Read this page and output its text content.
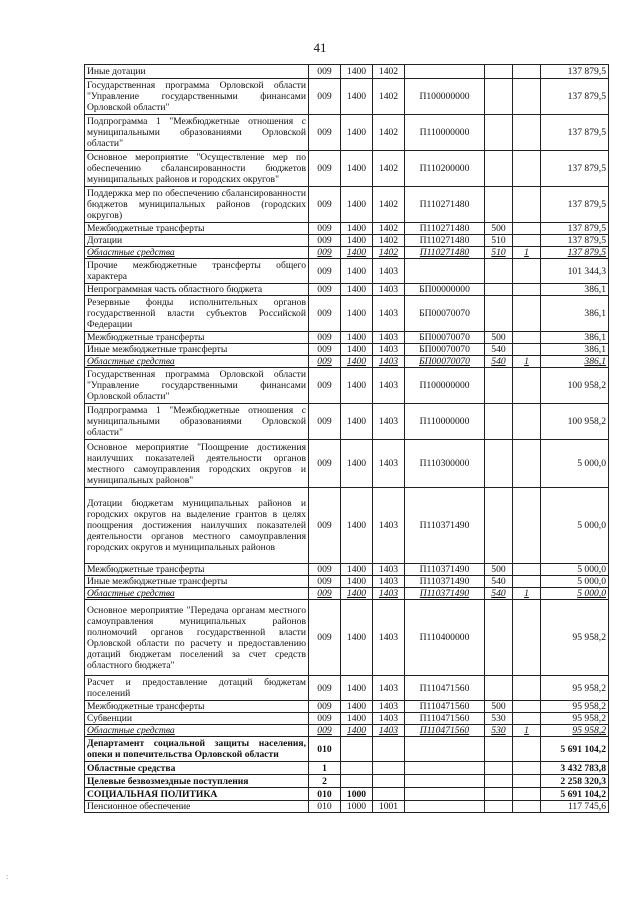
41
Иные дотации	009	1400	1402				137 879,5
Государственная программа Орловской области "Управление государственными финансами Орловской области"	009	1400	1402	П100000000			137 879,5
Подпрограмма 1 "Межбюджетные отношения с муниципальными образованиями Орловской области"	009	1400	1402	П110000000			137 879,5
Основное мероприятие "Осуществление мер по обеспечению сбалансированности бюджетов муниципальных районов и городских округов"	009	1400	1402	П110200000			137 879,5
Поддержка мер по обеспечению сбалансированности бюджетов муниципальных районов (городских округов)	009	1400	1402	П110271480			137 879,5
Межбюджетные трансферты	009	1400	1402	П110271480	500		137 879,5
Дотации	009	1400	1402	П110271480	510		137 879,5
Областные средства	009	1400	1402	П110271480	510	1	137 879,5
Прочие межбюджетные трансферты общего характера	009	1400	1403				101 344,3
Непрограммная часть областного бюджета	009	1400	1403	БП00000000			386,1
Резервные фонды исполнительных органов государственной власти субъектов Российской Федерации	009	1400	1403	БП00070070			386,1
Межбюджетные трансферты	009	1400	1403	БП00070070	500		386,1
Иные межбюджетные трансферты	009	1400	1403	БП00070070	540		386,1
Областные средства	009	1400	1403	БП00070070	540	1	386,1
Государственная программа Орловской области "Управление государственными финансами Орловской области"	009	1400	1403	П100000000			100 958,2
Подпрограмма 1 "Межбюджетные отношения с муниципальными образованиями Орловской области"	009	1400	1403	П110000000			100 958,2
Основное мероприятие "Поощрение достижения наилучших показателей деятельности органов местного самоуправления городских округов и муниципальных районов"	009	1400	1403	П110300000			5 000,0
Дотации бюджетам муниципальных районов и городских округов на выделение грантов в целях поощрения достижения наилучших показателей деятельности органов местного самоуправления городских округов и муниципальных районов	009	1400	1403	П110371490			5 000,0
Межбюджетные трансферты	009	1400	1403	П110371490	500		5 000,0
Иные межбюджетные трансферты	009	1400	1403	П110371490	540		5 000,0
Областные средства	009	1400	1403	П110371490	540	1	5 000,0
Основное мероприятие "Передача органам местного самоуправления муниципальных районов полномочий органов государственной власти Орловской области по расчету и предоставлению дотаций бюджетам поселений за счет средств областного бюджета"	009	1400	1403	П110400000			95 958,2
Расчет и предоставление дотаций бюджетам поселений	009	1400	1403	П110471560			95 958,2
Межбюджетные трансферты	009	1400	1403	П110471560	500		95 958,2
Субвенции	009	1400	1403	П110471560	530		95 958,2
Областные средства	009	1400	1403	П110471560	530	1	95 958,2
Департамент социальной защиты населения, опеки и попечительства Орловской области	010						5 691 104,2
Областные средства	1						3 432 783,8
Целевые безвозмездные поступления	2						2 258 320,3
СОЦИАЛЬНАЯ ПОЛИТИКА	010	1000					5 691 104,2
Пенсионное обеспечение	010	1000	1001				117 745,6
:
